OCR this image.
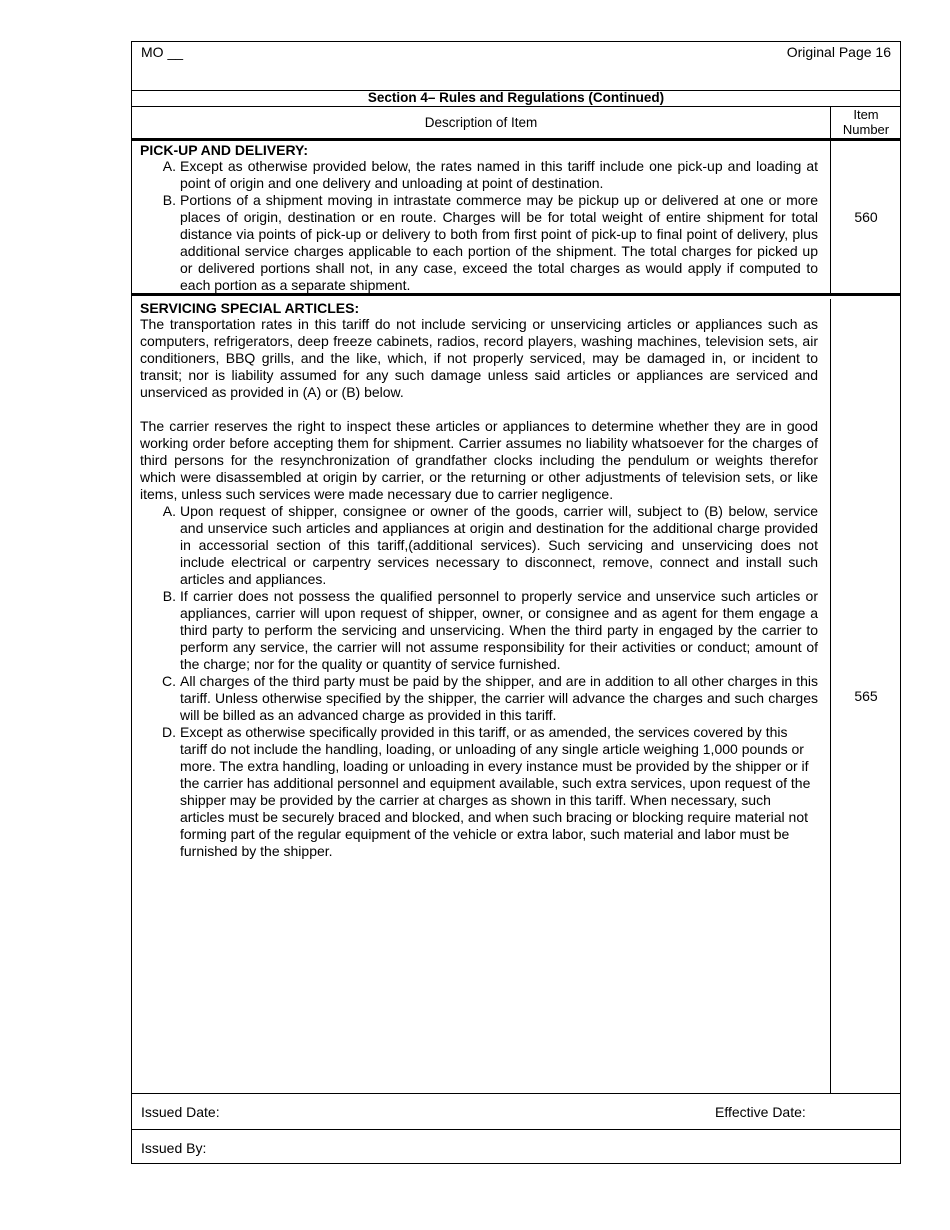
MO __	Original Page 16
Section 4– Rules and Regulations (Continued)
Description of Item
Item Number

PICK-UP AND DELIVERY:

A. Except as otherwise provided below, the rates named in this tariff include one pick-up and loading at point of origin and one delivery and unloading at point of destination.
B. Portions of a shipment moving in intrastate commerce may be pickup up or delivered at one or more places of origin, destination or en route. Charges will be for total weight of entire shipment for total distance via points of pick-up or delivery to both from first point of pick-up to final point of delivery, plus additional service charges applicable to each portion of the shipment. The total charges for picked up or delivered portions shall not, in any case, exceed the total charges as would apply if computed to each portion as a separate shipment.
560

SERVICING SPECIAL ARTICLES:

The transportation rates in this tariff do not include servicing or unservicing articles or appliances such as computers, refrigerators, deep freeze cabinets, radios, record players, washing machines, television sets, air conditioners, BBQ grills, and the like, which, if not properly serviced, may be damaged in, or incident to transit; nor is liability assumed for any such damage unless said articles or appliances are serviced and unserviced as provided in (A) or (B) below.

The carrier reserves the right to inspect these articles or appliances to determine whether they are in good working order before accepting them for shipment. Carrier assumes no liability whatsoever for the charges of third persons for the resynchronization of grandfather clocks including the pendulum or weights therefor which were disassembled at origin by carrier, or the returning or other adjustments of television sets, or like items, unless such services were made necessary due to carrier negligence.

A. Upon request of shipper, consignee or owner of the goods, carrier will, subject to (B) below, service and unservice such articles and appliances at origin and destination for the additional charge provided in accessorial section of this tariff,(additional services). Such servicing and unservicing does not include electrical or carpentry services necessary to disconnect, remove, connect and install such articles and appliances.
B. If carrier does not possess the qualified personnel to properly service and unservice such articles or appliances, carrier will upon request of shipper, owner, or consignee and as agent for them engage a third party to perform the servicing and unservicing. When the third party in engaged by the carrier to perform any service, the carrier will not assume responsibility for their activities or conduct; amount of the charge; nor for the quality or quantity of service furnished.
C. All charges of the third party must be paid by the shipper, and are in addition to all other charges in this tariff. Unless otherwise specified by the shipper, the carrier will advance the charges and such charges will be billed as an advanced charge as provided in this tariff.
D. Except as otherwise specifically provided in this tariff, or as amended, the services covered by this tariff do not include the handling, loading, or unloading of any single article weighing 1,000 pounds or more. The extra handling, loading or unloading in every instance must be provided by the shipper or if the carrier has additional personnel and equipment available, such extra services, upon request of the shipper may be provided by the carrier at charges as shown in this tariff. When necessary, such articles must be securely braced and blocked, and when such bracing or blocking require material not forming part of the regular equipment of the vehicle or extra labor, such material and labor must be furnished by the shipper.
565
Issued Date:	Effective Date:
Issued By:
